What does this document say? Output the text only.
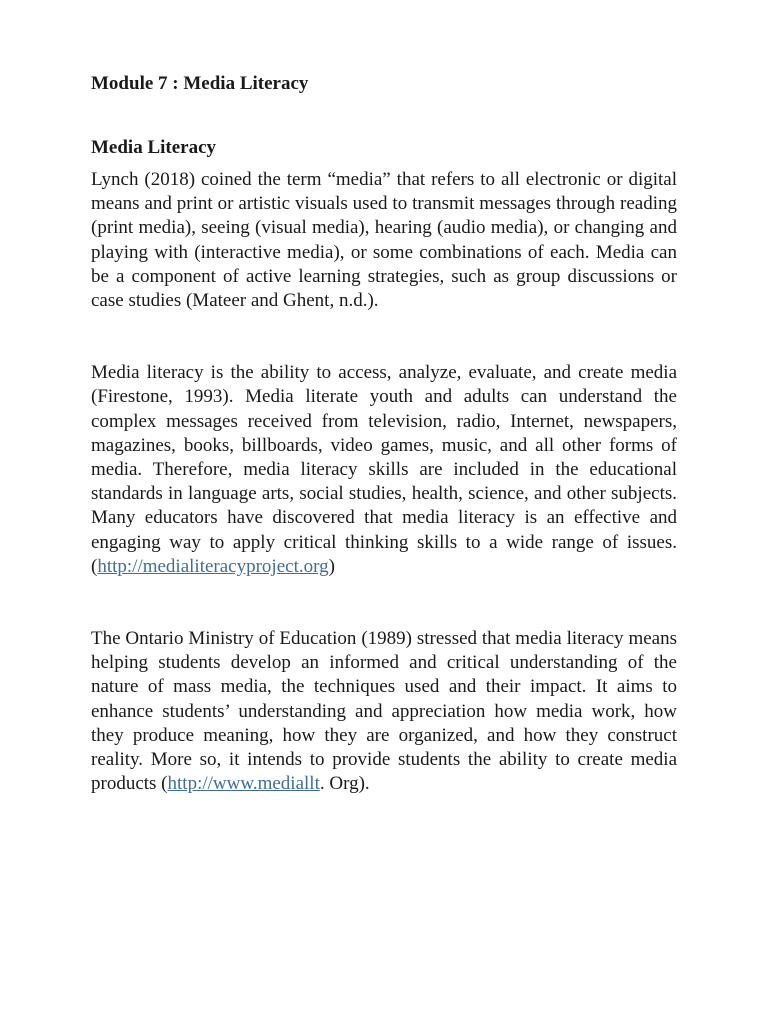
Module 7 : Media Literacy
Media Literacy

Lynch (2018) coined the term “media” that refers to all electronic or digital means and print or artistic visuals used to transmit messages through reading (print media), seeing (visual media), hearing (audio media), or changing and playing with (interactive media), or some combinations of each. Media can be a component of active learning strategies, such as group discussions or case studies (Mateer and Ghent, n.d.).

Media literacy is the ability to access, analyze, evaluate, and create media (Firestone, 1993). Media literate youth and adults can understand the complex messages received from television, radio, Internet, newspapers, magazines, books, billboards, video games, music, and all other forms of media. Therefore, media literacy skills are included in the educational standards in language arts, social studies, health, science, and other subjects. Many educators have discovered that media literacy is an effective and engaging way to apply critical thinking skills to a wide range of issues. (http://medialiteracyproject.org)

The Ontario Ministry of Education (1989) stressed that media literacy means helping students develop an informed and critical understanding of the nature of mass media, the techniques used and their impact. It aims to enhance students’ understanding and appreciation how media work, how they produce meaning, how they are organized, and how they construct reality. More so, it intends to provide students the ability to create media products (http://www.mediallt. Org).
